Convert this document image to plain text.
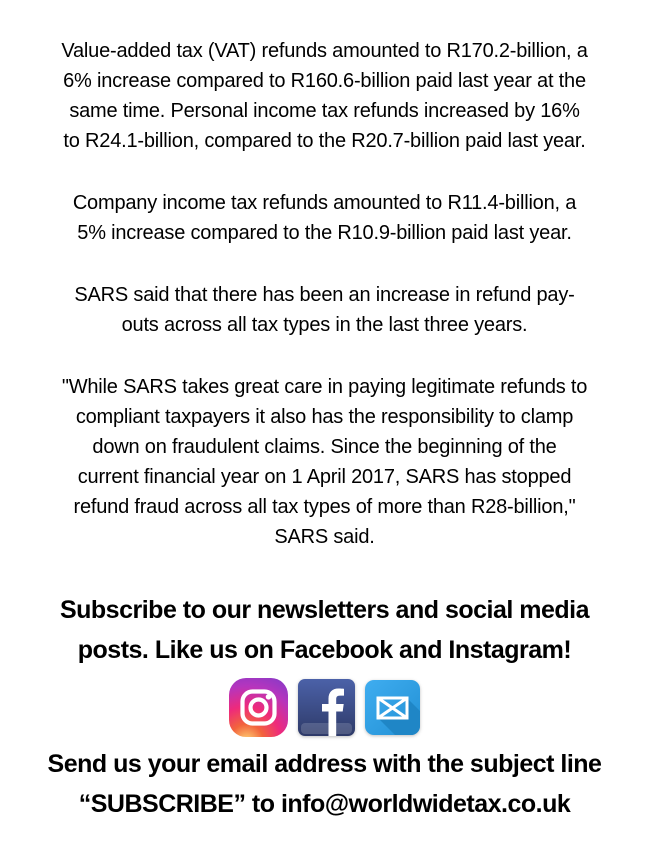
Value-added tax (VAT) refunds amounted to R170.2-billion, a
6% increase compared to R160.6-billion paid last year at the
same time. Personal income tax refunds increased by 16%
to R24.1-billion, compared to the R20.7-billion paid last year.
Company income tax refunds amounted to R11.4-billion, a
5% increase compared to the R10.9-billion paid last year.
SARS said that there has been an increase in refund pay-
outs across all tax types in the last three years.
"While SARS takes great care in paying legitimate refunds to
compliant taxpayers it also has the responsibility to clamp
down on fraudulent claims. Since the beginning of the
current financial year on 1 April 2017, SARS has stopped
refund fraud across all tax types of more than R28-billion,"
SARS said.
Subscribe to our newsletters and social media
posts. Like us on Facebook and Instagram!
Send us your email address with the subject line
“SUBSCRIBE” to info@worldwidetax.co.uk
